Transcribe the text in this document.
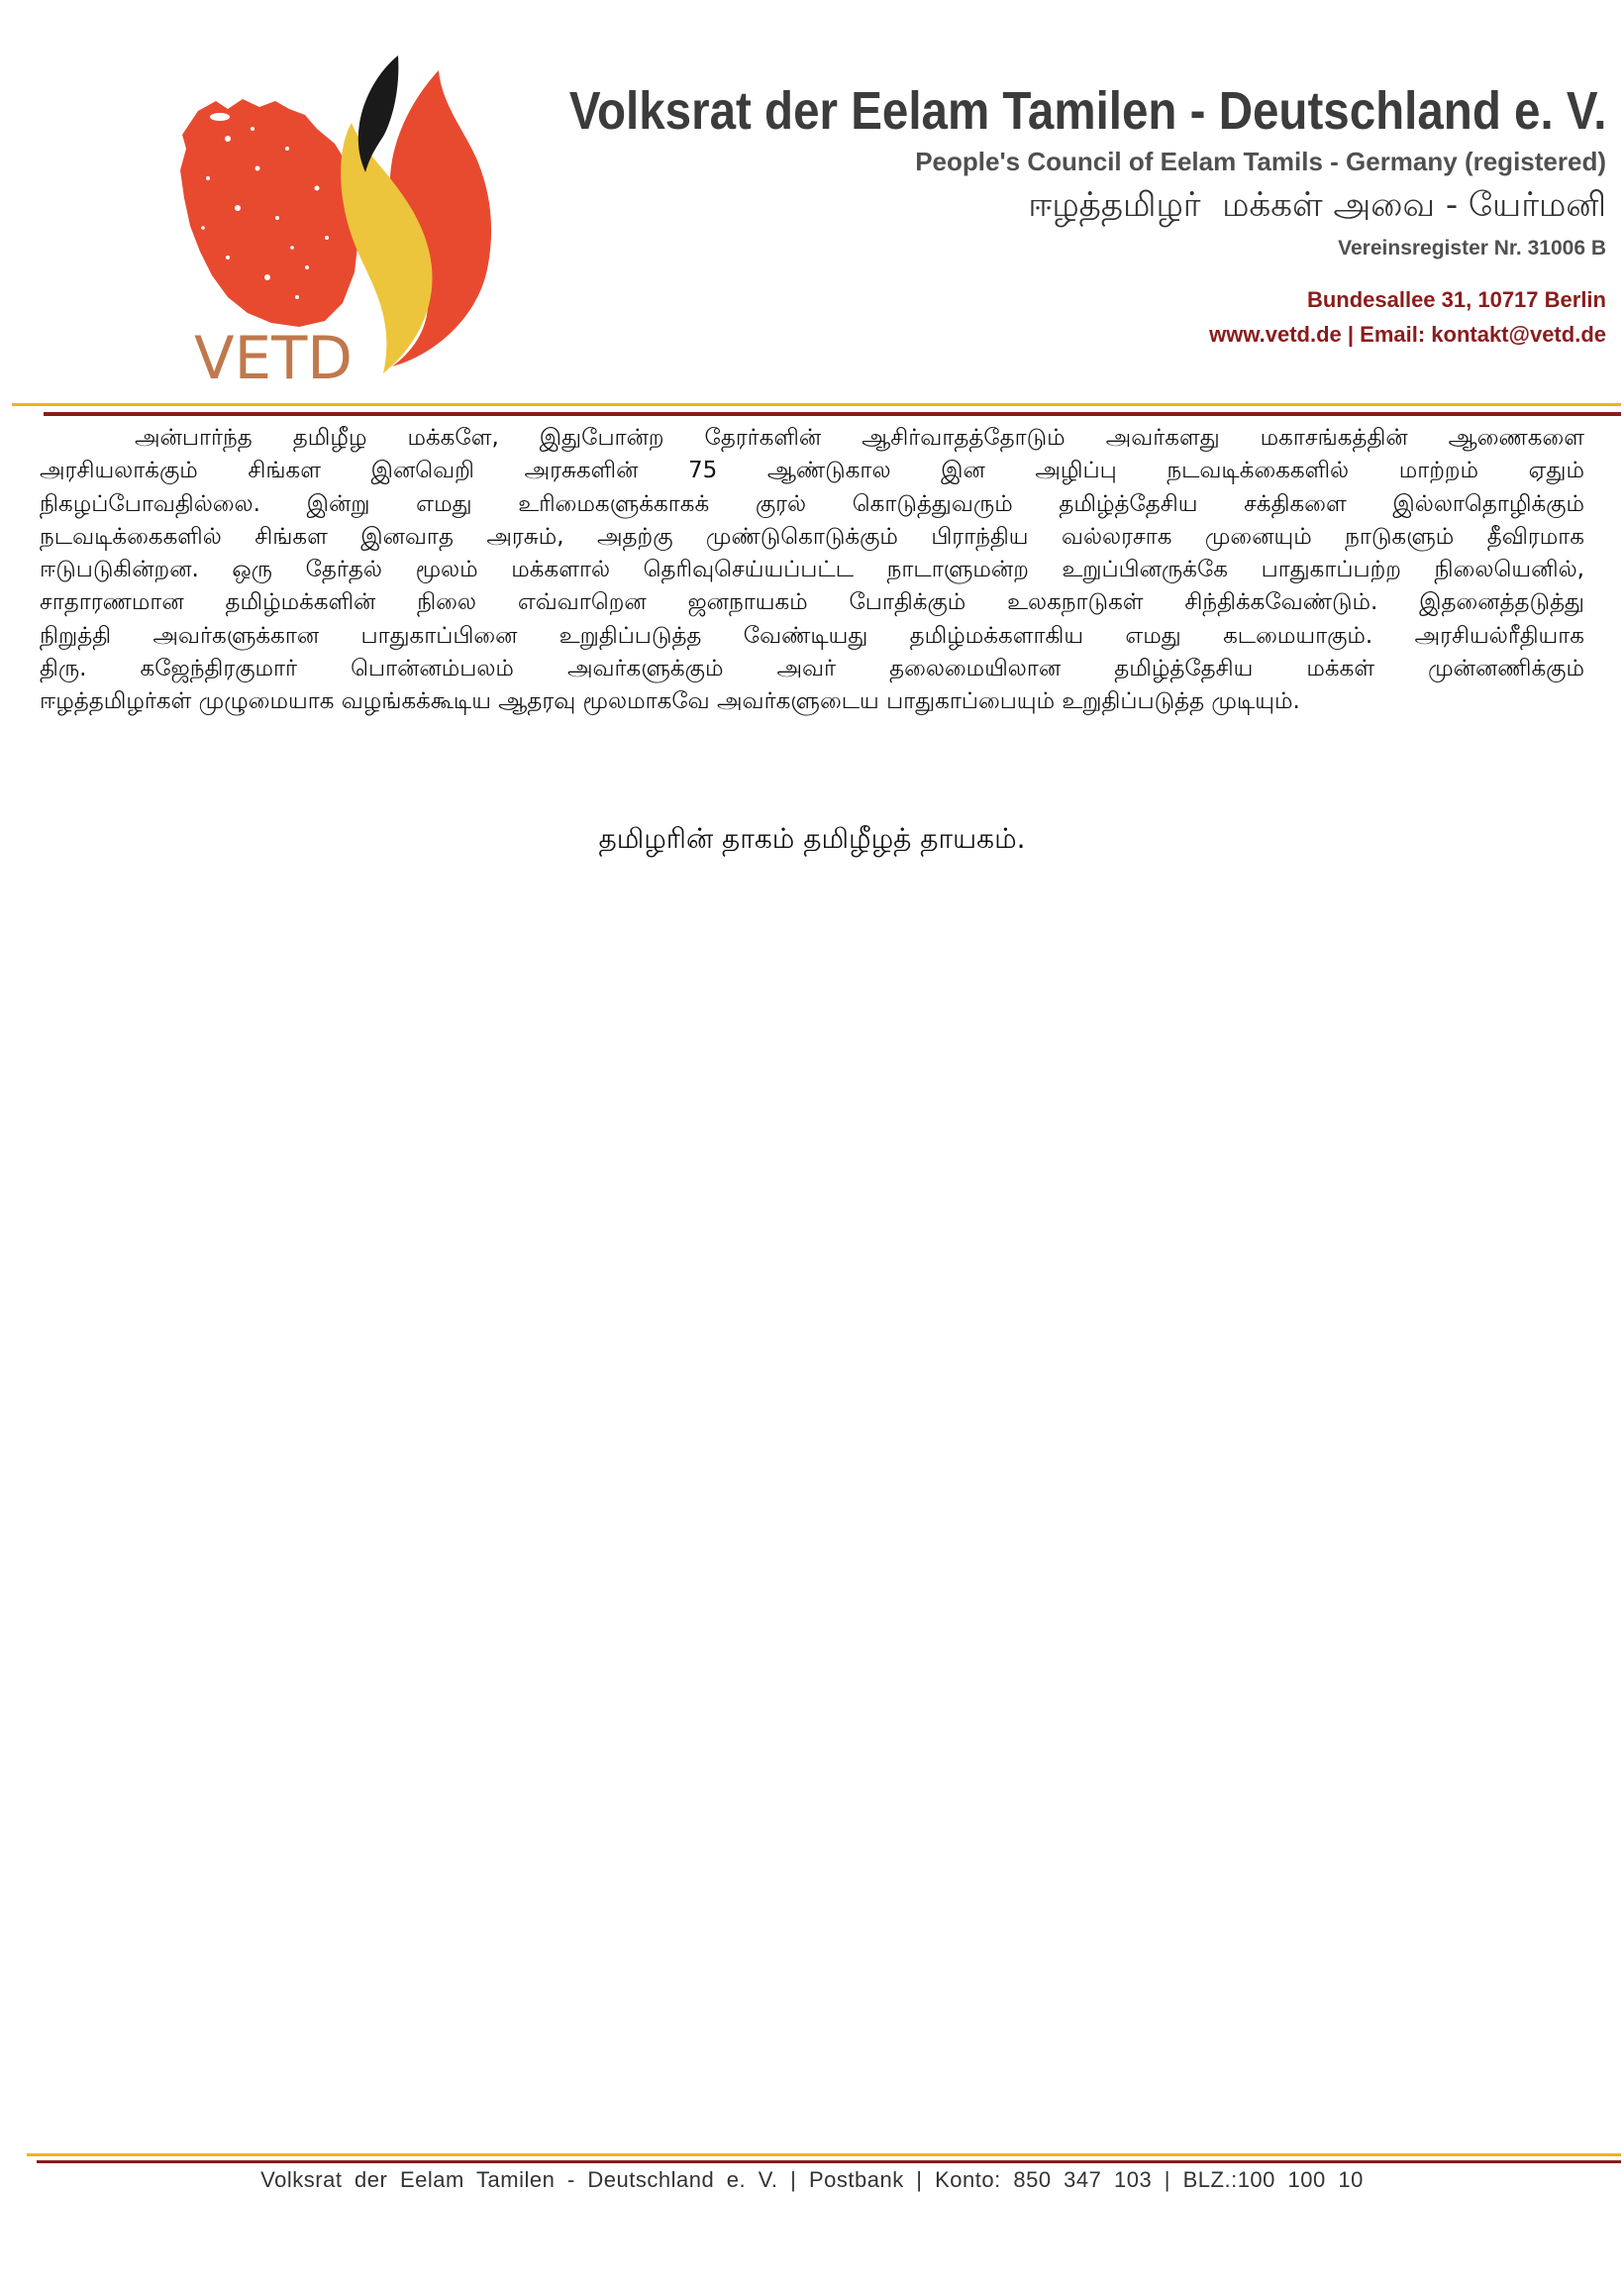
VETD
Volksrat der Eelam Tamilen - Deutschland e. V.
People's Council of Eelam Tamils - Germany (registered)
ஈழத்தமிழர்  மக்கள் அவை - யேர்மனி
Vereinsregister Nr. 31006 B
Bundesallee 31, 10717 Berlin
www.vetd.de | Email: kontakt@vetd.de
அன்பார்ந்த தமிழீழ மக்களே, இதுபோன்ற தேரர்களின் ஆசிர்வாதத்தோடும் அவர்களது மகாசங்கத்தின் ஆணைகளை
அரசியலாக்கும் சிங்கள இனவெறி அரசுகளின் 75 ஆண்டுகால இன அழிப்பு நடவடிக்கைகளில் மாற்றம் ஏதும்
நிகழப்போவதில்லை. இன்று எமது உரிமைகளுக்காகக் குரல் கொடுத்துவரும் தமிழ்த்தேசிய சக்திகளை இல்லாதொழிக்கும்
நடவடிக்கைகளில் சிங்கள இனவாத அரசும், அதற்கு முண்டுகொடுக்கும் பிராந்திய வல்லரசாக முனையும் நாடுகளும் தீவிரமாக
ஈடுபடுகின்றன. ஒரு தேர்தல் மூலம் மக்களால் தெரிவுசெய்யப்பட்ட நாடாளுமன்ற உறுப்பினருக்கே பாதுகாப்பற்ற நிலையெனில்,
சாதாரணமான தமிழ்மக்களின் நிலை எவ்வாறென ஜனநாயகம் போதிக்கும் உலகநாடுகள் சிந்திக்கவேண்டும். இதனைத்தடுத்து
நிறுத்தி அவர்களுக்கான பாதுகாப்பினை உறுதிப்படுத்த வேண்டியது தமிழ்மக்களாகிய எமது கடமையாகும். அரசியல்ரீதியாக
திரு. கஜேந்திரகுமார் பொன்னம்பலம் அவர்களுக்கும் அவர் தலைமையிலான தமிழ்த்தேசிய மக்கள் முன்னணிக்கும்
ஈழத்தமிழர்கள் முழுமையாக வழங்கக்கூடிய ஆதரவு மூலமாகவே அவர்களுடைய பாதுகாப்பையும் உறுதிப்படுத்த முடியும்.
தமிழரின் தாகம் தமிழீழத் தாயகம்.
Volksrat der Eelam Tamilen - Deutschland e. V. | Postbank | Konto: 850 347 103 | BLZ.:100 100 10
